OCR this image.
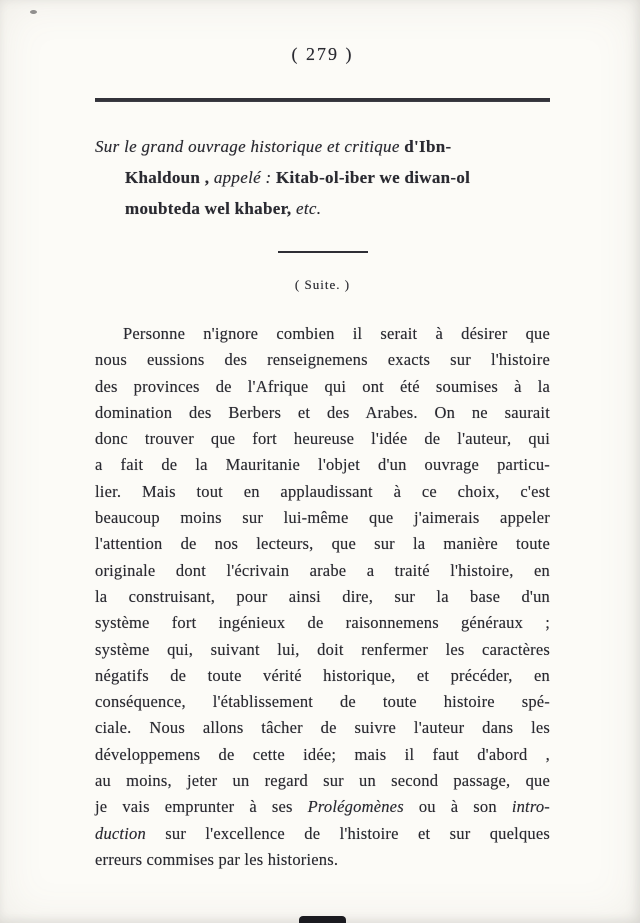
( 279 )
Sur le grand ouvrage historique et critique d'Ibn-
Khaldoun , appelé : Kitab-ol-iber we diwan-ol
moubteda wel khaber, etc.
( Suite. )
Personne n'ignore combien il serait à désirer que
nous eussions des renseignemens exacts sur l'histoire
des provinces de l'Afrique qui ont été soumises à la
domination des Berbers et des Arabes. On ne saurait
donc trouver que fort heureuse l'idée de l'auteur, qui
a fait de la Mauritanie l'objet d'un ouvrage particu-
lier. Mais tout en applaudissant à ce choix, c'est
beaucoup moins sur lui-même que j'aimerais appeler
l'attention de nos lecteurs, que sur la manière toute
originale dont l'écrivain arabe a traité l'histoire, en
la construisant, pour ainsi dire, sur la base d'un
système fort ingénieux de raisonnemens généraux ;
système qui, suivant lui, doit renfermer les caractères
négatifs de toute vérité historique, et précéder, en
conséquence, l'établissement de toute histoire spé-
ciale. Nous allons tâcher de suivre l'auteur dans les
développemens de cette idée; mais il faut d'abord ,
au moins, jeter un regard sur un second passage, que
je vais emprunter à ses Prolégomènes ou à son intro-
duction sur l'excellence de l'histoire et sur quelques
erreurs commises par les historiens.
